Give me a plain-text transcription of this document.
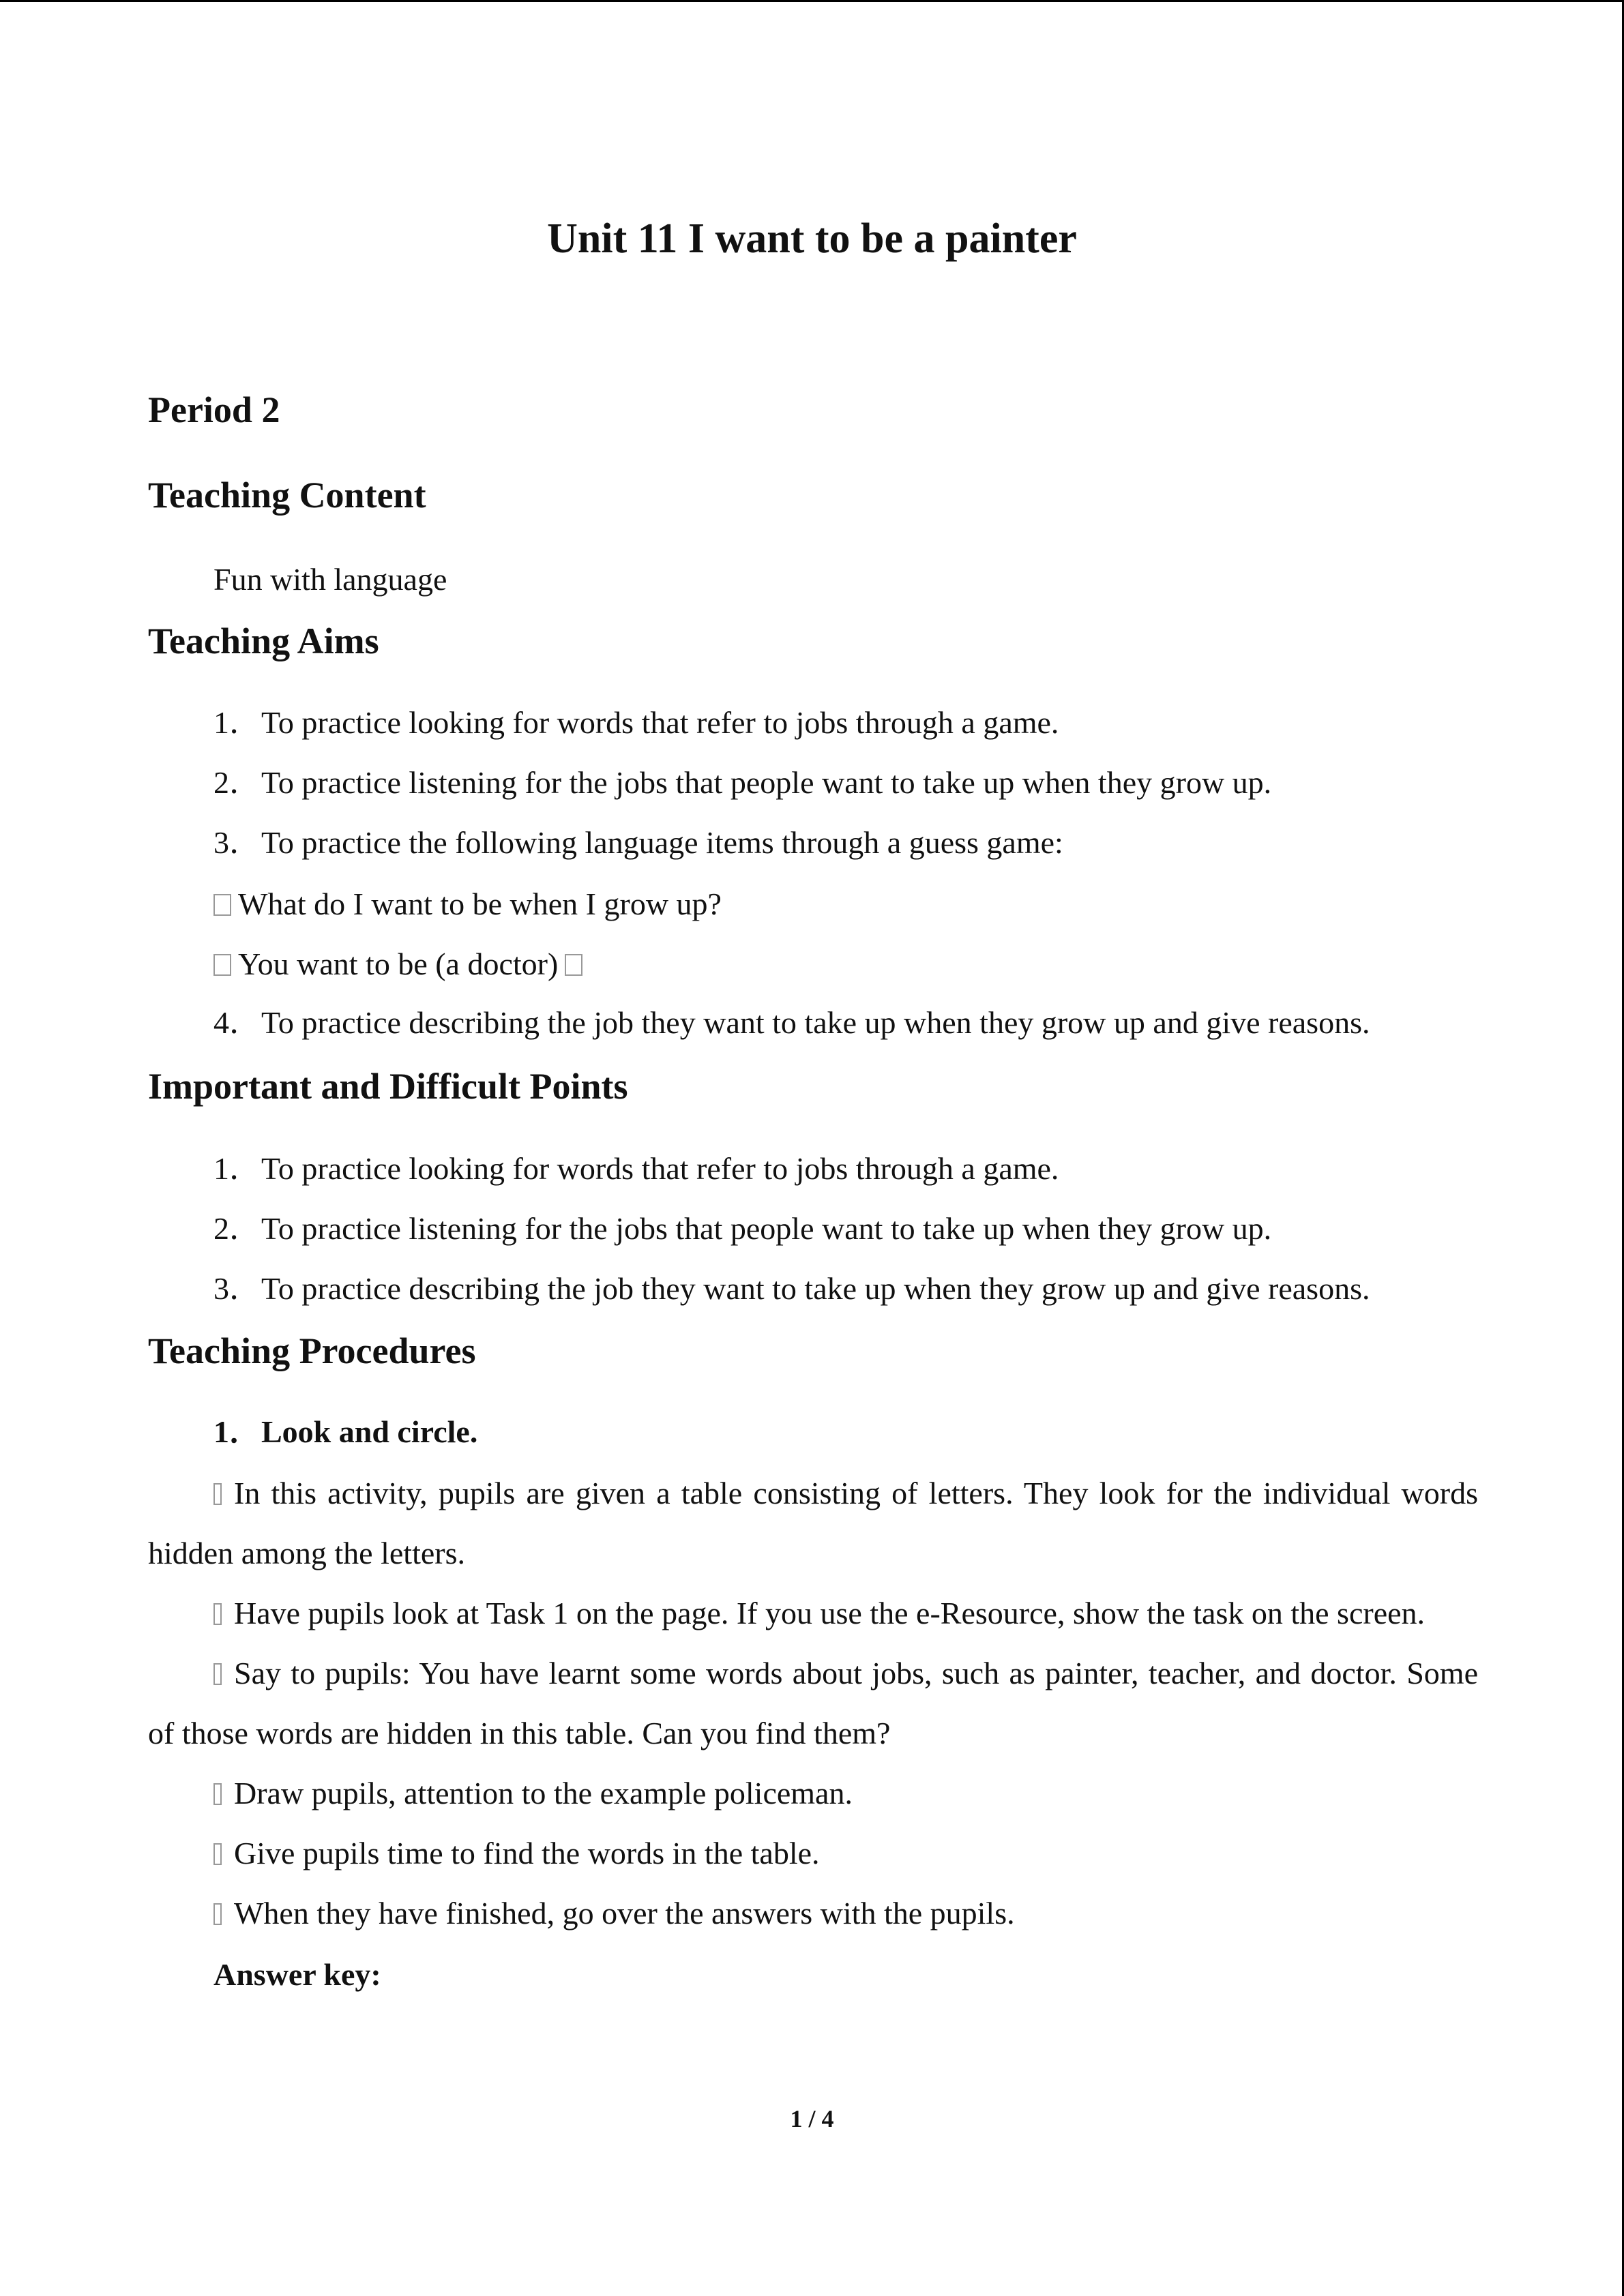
Unit 11 I want to be a painter
Period 2
Teaching Content
Fun with language
Teaching Aims
1．To practice looking for words that refer to jobs through a game.
2．To practice listening for the jobs that people want to take up when they grow up.
3．To practice the following language items through a guess game:
What do I want to be when I grow up?
You want to be (a doctor)
4．To practice describing the job they want to take up when they grow up and give reasons.
Important and Difficult Points
1．To practice looking for words that refer to jobs through a game.
2．To practice listening for the jobs that people want to take up when they grow up.
3．To practice describing the job they want to take up when they grow up and give reasons.
Teaching Procedures
1．Look and circle.
In this activity, pupils are given a table consisting of letters. They look for the individual words hidden among the letters.
Have pupils look at Task 1 on the page. If you use the e-Resource, show the task on the screen.
Say to pupils: You have learnt some words about jobs, such as painter, teacher, and doctor. Some of those words are hidden in this table. Can you find them?
Draw pupils, attention to the example policeman.
Give pupils time to find the words in the table.
When they have finished, go over the answers with the pupils.
Answer key:
1 / 4
